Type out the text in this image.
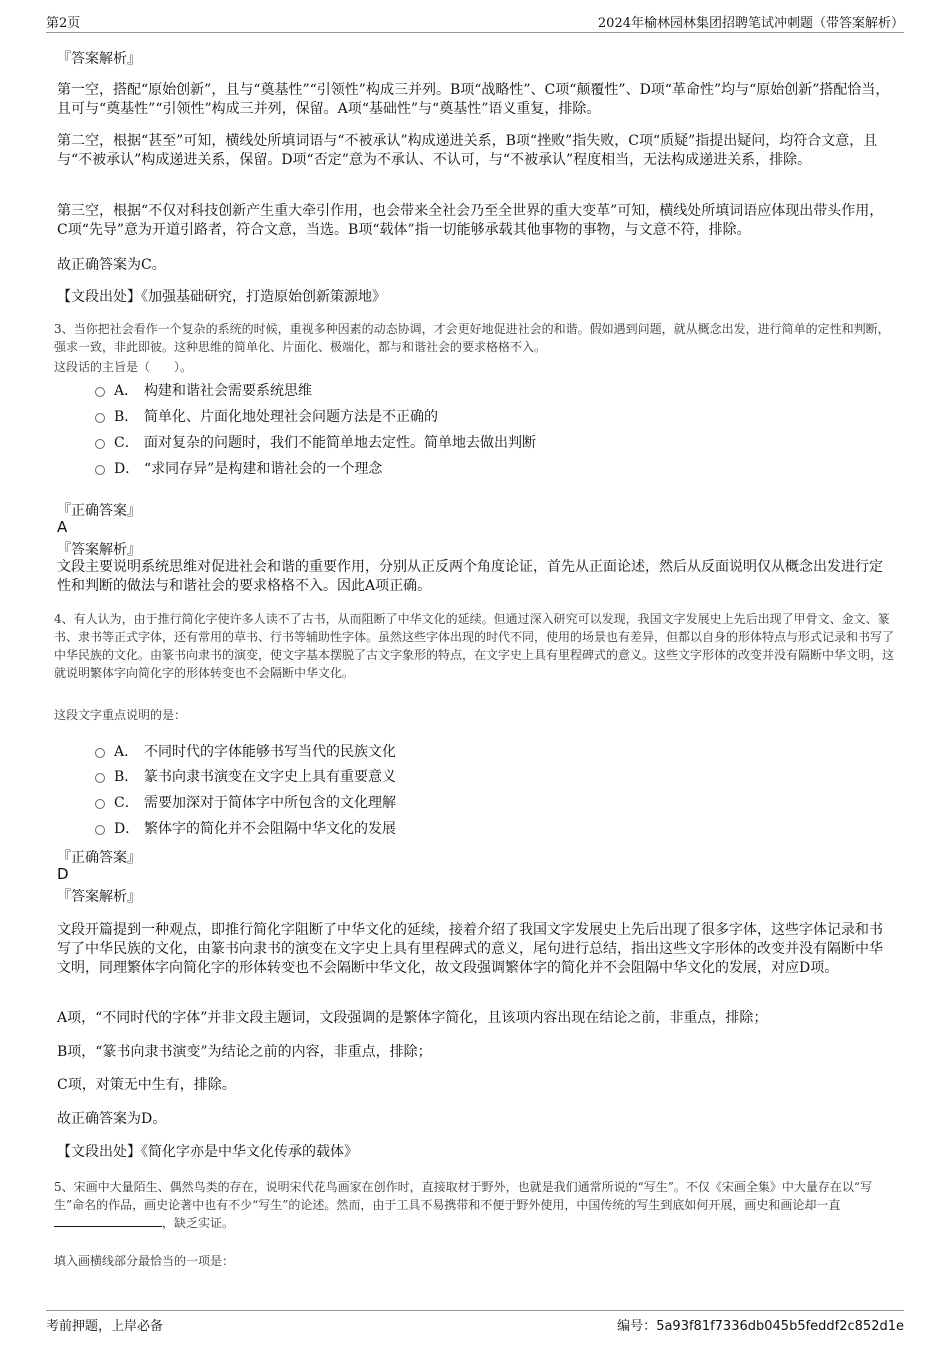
第2页	2024年榆林园林集团招聘笔试冲刺题（带答案解析）
『答案解析』
第一空，搭配“原始创新”，且与“奠基性”“引领性”构成三并列。B项“战略性”、C项“颠覆性”、D项“革命性”均与“原始创新”搭配恰当，且可与“奠基性”“引领性”构成三并列，保留。A项“基础性”与“奠基性”语义重复，排除。
第二空，根据“甚至”可知，横线处所填词语与“不被承认”构成递进关系，B项“挫败”指失败，C项“质疑”指提出疑问，均符合文意，且与“不被承认”构成递进关系，保留。D项“否定”意为不承认、不认可，与“不被承认”程度相当，无法构成递进关系，排除。
第三空，根据“不仅对科技创新产生重大牵引作用，也会带来全社会乃至全世界的重大变革”可知，横线处所填词语应体现出带头作用，C项“先导”意为开道引路者，符合文意，当选。B项“载体”指一切能够承载其他事物的事物，与文意不符，排除。
故正确答案为C。
【文段出处】《加强基础研究，打造原始创新策源地》
3、当你把社会看作一个复杂的系统的时候，重视多种因素的动态协调，才会更好地促进社会的和谐。假如遇到问题，就从概念出发，进行简单的定性和判断，强求一致，非此即彼。这种思维的简单化、片面化、极端化，都与和谐社会的要求格格不入。
这段话的主旨是（　　）。
A． 构建和谐社会需要系统思维
B． 简单化、片面化地处理社会问题方法是不正确的
C． 面对复杂的问题时，我们不能简单地去定性。简单地去做出判断
D． “求同存异”是构建和谐社会的一个理念
『正确答案』
A
『答案解析』
文段主要说明系统思维对促进社会和谐的重要作用，分别从正反两个角度论证，首先从正面论述，然后从反面说明仅从概念出发进行定性和判断的做法与和谐社会的要求格格不入。因此A项正确。
4、有人认为，由于推行简化字使许多人读不了古书，从而阻断了中华文化的延续。但通过深入研究可以发现，我国文字发展史上先后出现了甲骨文、金文、篆书、隶书等正式字体，还有常用的草书、行书等辅助性字体。虽然这些字体出现的时代不同，使用的场景也有差异，但都以自身的形体特点与形式记录和书写了中华民族的文化。由篆书向隶书的演变，使文字基本摆脱了古文字象形的特点，在文字史上具有里程碑式的意义。这些文字形体的改变并没有隔断中华文明，这就说明繁体字向简化字的形体转变也不会隔断中华文化。
这段文字重点说明的是：
A． 不同时代的字体能够书写当代的民族文化
B． 篆书向隶书演变在文字史上具有重要意义
C． 需要加深对于简体字中所包含的文化理解
D． 繁体字的简化并不会阻隔中华文化的发展
『正确答案』
D
『答案解析』
文段开篇提到一种观点，即推行简化字阻断了中华文化的延续，接着介绍了我国文字发展史上先后出现了很多字体，这些字体记录和书写了中华民族的文化，由篆书向隶书的演变在文字史上具有里程碑式的意义，尾句进行总结，指出这些文字形体的改变并没有隔断中华文明，同理繁体字向简化字的形体转变也不会隔断中华文化，故文段强调繁体字的简化并不会阻隔中华文化的发展，对应D项。
A项，“不同时代的字体”并非文段主题词，文段强调的是繁体字简化，且该项内容出现在结论之前，非重点，排除；
B项，“篆书向隶书演变”为结论之前的内容，非重点，排除；
C项，对策无中生有，排除。
故正确答案为D。
【文段出处】《简化字亦是中华文化传承的载体》
5、宋画中大量陌生、偶然鸟类的存在，说明宋代花鸟画家在创作时，直接取材于野外，也就是我们通常所说的“写生”。不仅《宋画全集》中大量存在以“写生”命名的作品，画史论著中也有不少“写生”的论述。然而，由于工具不易携带和不便于野外使用，中国传统的写生到底如何开展，画史和画论却一直，缺乏实证。
填入画横线部分最恰当的一项是：
考前押题，上岸必备	编号：5a93f81f7336db045b5feddf2c852d1e
